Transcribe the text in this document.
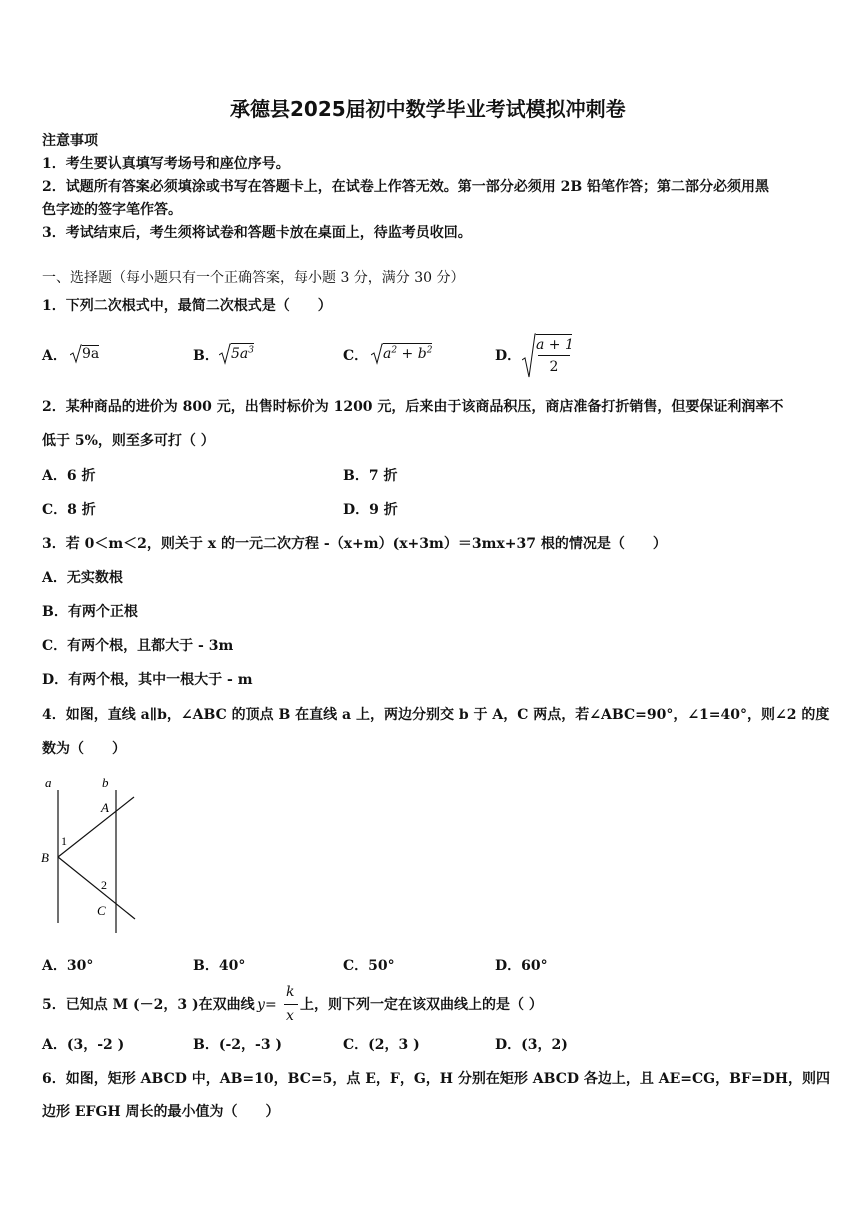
承德县2025届初中数学毕业考试模拟冲刺卷
注意事项
1．考生要认真填写考场号和座位序号。
2．试题所有答案必须填涂或书写在答题卡上，在试卷上作答无效。第一部分必须用 2B 铅笔作答；第二部分必须用黑
色字迹的签字笔作答。
3．考试结束后，考生须将试卷和答题卡放在桌面上，待监考员收回。
一、选择题（每小题只有一个正确答案，每小题 3 分，满分 30 分）
1．下列二次根式中，最简二次根式是（　　）
A．	9a	B． $5a^3$	C．	$a^2 + b^2$	D．
a + 1
2
2．某种商品的进价为 800 元，出售时标价为 1200 元，后来由于该商品积压，商店准备打折销售，但要保证利润率不
低于 5%，则至多可打（ ）
A．6 折	B．7 折
C．8 折	D．9 折
3．若 0＜m＜2，则关于 x 的一元二次方程 -（x+m）(x+3m）＝3mx+37 根的情况是（　　）
A．无实数根
B．有两个正根
C．有两个根，且都大于 - 3m
D．有两个根，其中一根大于 - m
4．如图，直线 a∥b，∠ABC 的顶点 B 在直线 a 上，两边分别交 b 于 A，C 两点，若∠ABC=90°，∠1=40°，则∠2 的度
数为（　　）
a	b
A
B
C
1
2
A．30°	B．40°	C．50°	D．60°
5．已知点 M (－2，3 )在双曲线 y =
k
x
上，则下列一定在该双曲线上的是（ ）
A．(3，-2 )	B．(-2，-3 )	C．(2，3 )	D．(3，2)
6．如图，矩形 ABCD 中，AB=10，BC=5，点 E，F，G，H 分别在矩形 ABCD 各边上，且 AE=CG，BF=DH，则四
边形 EFGH 周长的最小值为（　　）
